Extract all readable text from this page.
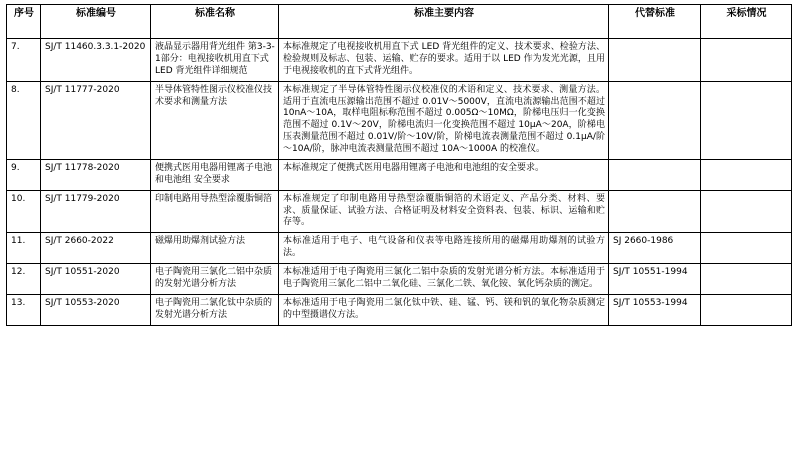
序号	标准编号	标准名称	标准主要内容	代替标准	采标情况
7.	SJ/T 11460.3.3.1-2020	液晶显示器用背光组件 第3-3-1部分：电视接收机用直下式 LED 背光组件详细规范	本标准规定了电视接收机用直下式 LED 背光组件的定义、技术要求、检验方法、检验规则及标志、包装、运输、贮存的要求。适用于以 LED 作为发光光源，且用于电视接收机的直下式背光组件。		
8.	SJ/T 11777-2020	半导体管特性图示仪校准仪技术要求和测量方法	本标准规定了半导体管特性图示仪校准仪的术语和定义、技术要求、测量方法。适用于直流电压源输出范围不超过 0.01V～5000V，直流电流源输出范围不超过 10nA～10A，取样电阻标称范围不超过 0.005Ω～10MΩ，阶梯电压归一化变换范围不超过 0.1V～20V，阶梯电流归一化变换范围不超过 10μA～20A，阶梯电压表测量范围不超过 0.01V/阶～10V/阶，阶梯电流表测量范围不超过 0.1μA/阶～10A/阶，脉冲电流表测量范围不超过 10A～1000A 的校准仪。		
9.	SJ/T 11778-2020	便携式医用电器用锂离子电池和电池组 安全要求	本标准规定了便携式医用电器用锂离子电池和电池组的安全要求。		
10.	SJ/T 11779-2020	印制电路用导热型涂覆脂铜箔	本标准规定了印制电路用导热型涂覆脂铜箔的术语定义、产品分类、材料、要求、质量保证、试验方法、合格证明及材料安全资料表、包装、标识、运输和贮存等。		
11.	SJ/T 2660-2022	磁爆用助爆剂试验方法	本标准适用于电子、电气设备和仪表等电路连接所用的磁爆用助爆剂的试验方法。	SJ 2660-1986	
12.	SJ/T 10551-2020	电子陶瓷用三氯化二铝中杂质的发射光谱分析方法	本标准适用于电子陶瓷用三氯化二铝中杂质的发射光谱分析方法。本标准适用于电子陶瓷用三氯化二铝中二氧化硅、三氯化二铁、氧化铵、氧化钙杂质的测定。	SJ/T 10551-1994	
13.	SJ/T 10553-2020	电子陶瓷用二氯化钛中杂质的发射光谱分析方法	本标准适用于电子陶瓷用二氯化钛中铁、硅、锰、钙、镁和钒的氧化物杂质测定的中型摄谱仪方法。	SJ/T 10553-1994	
